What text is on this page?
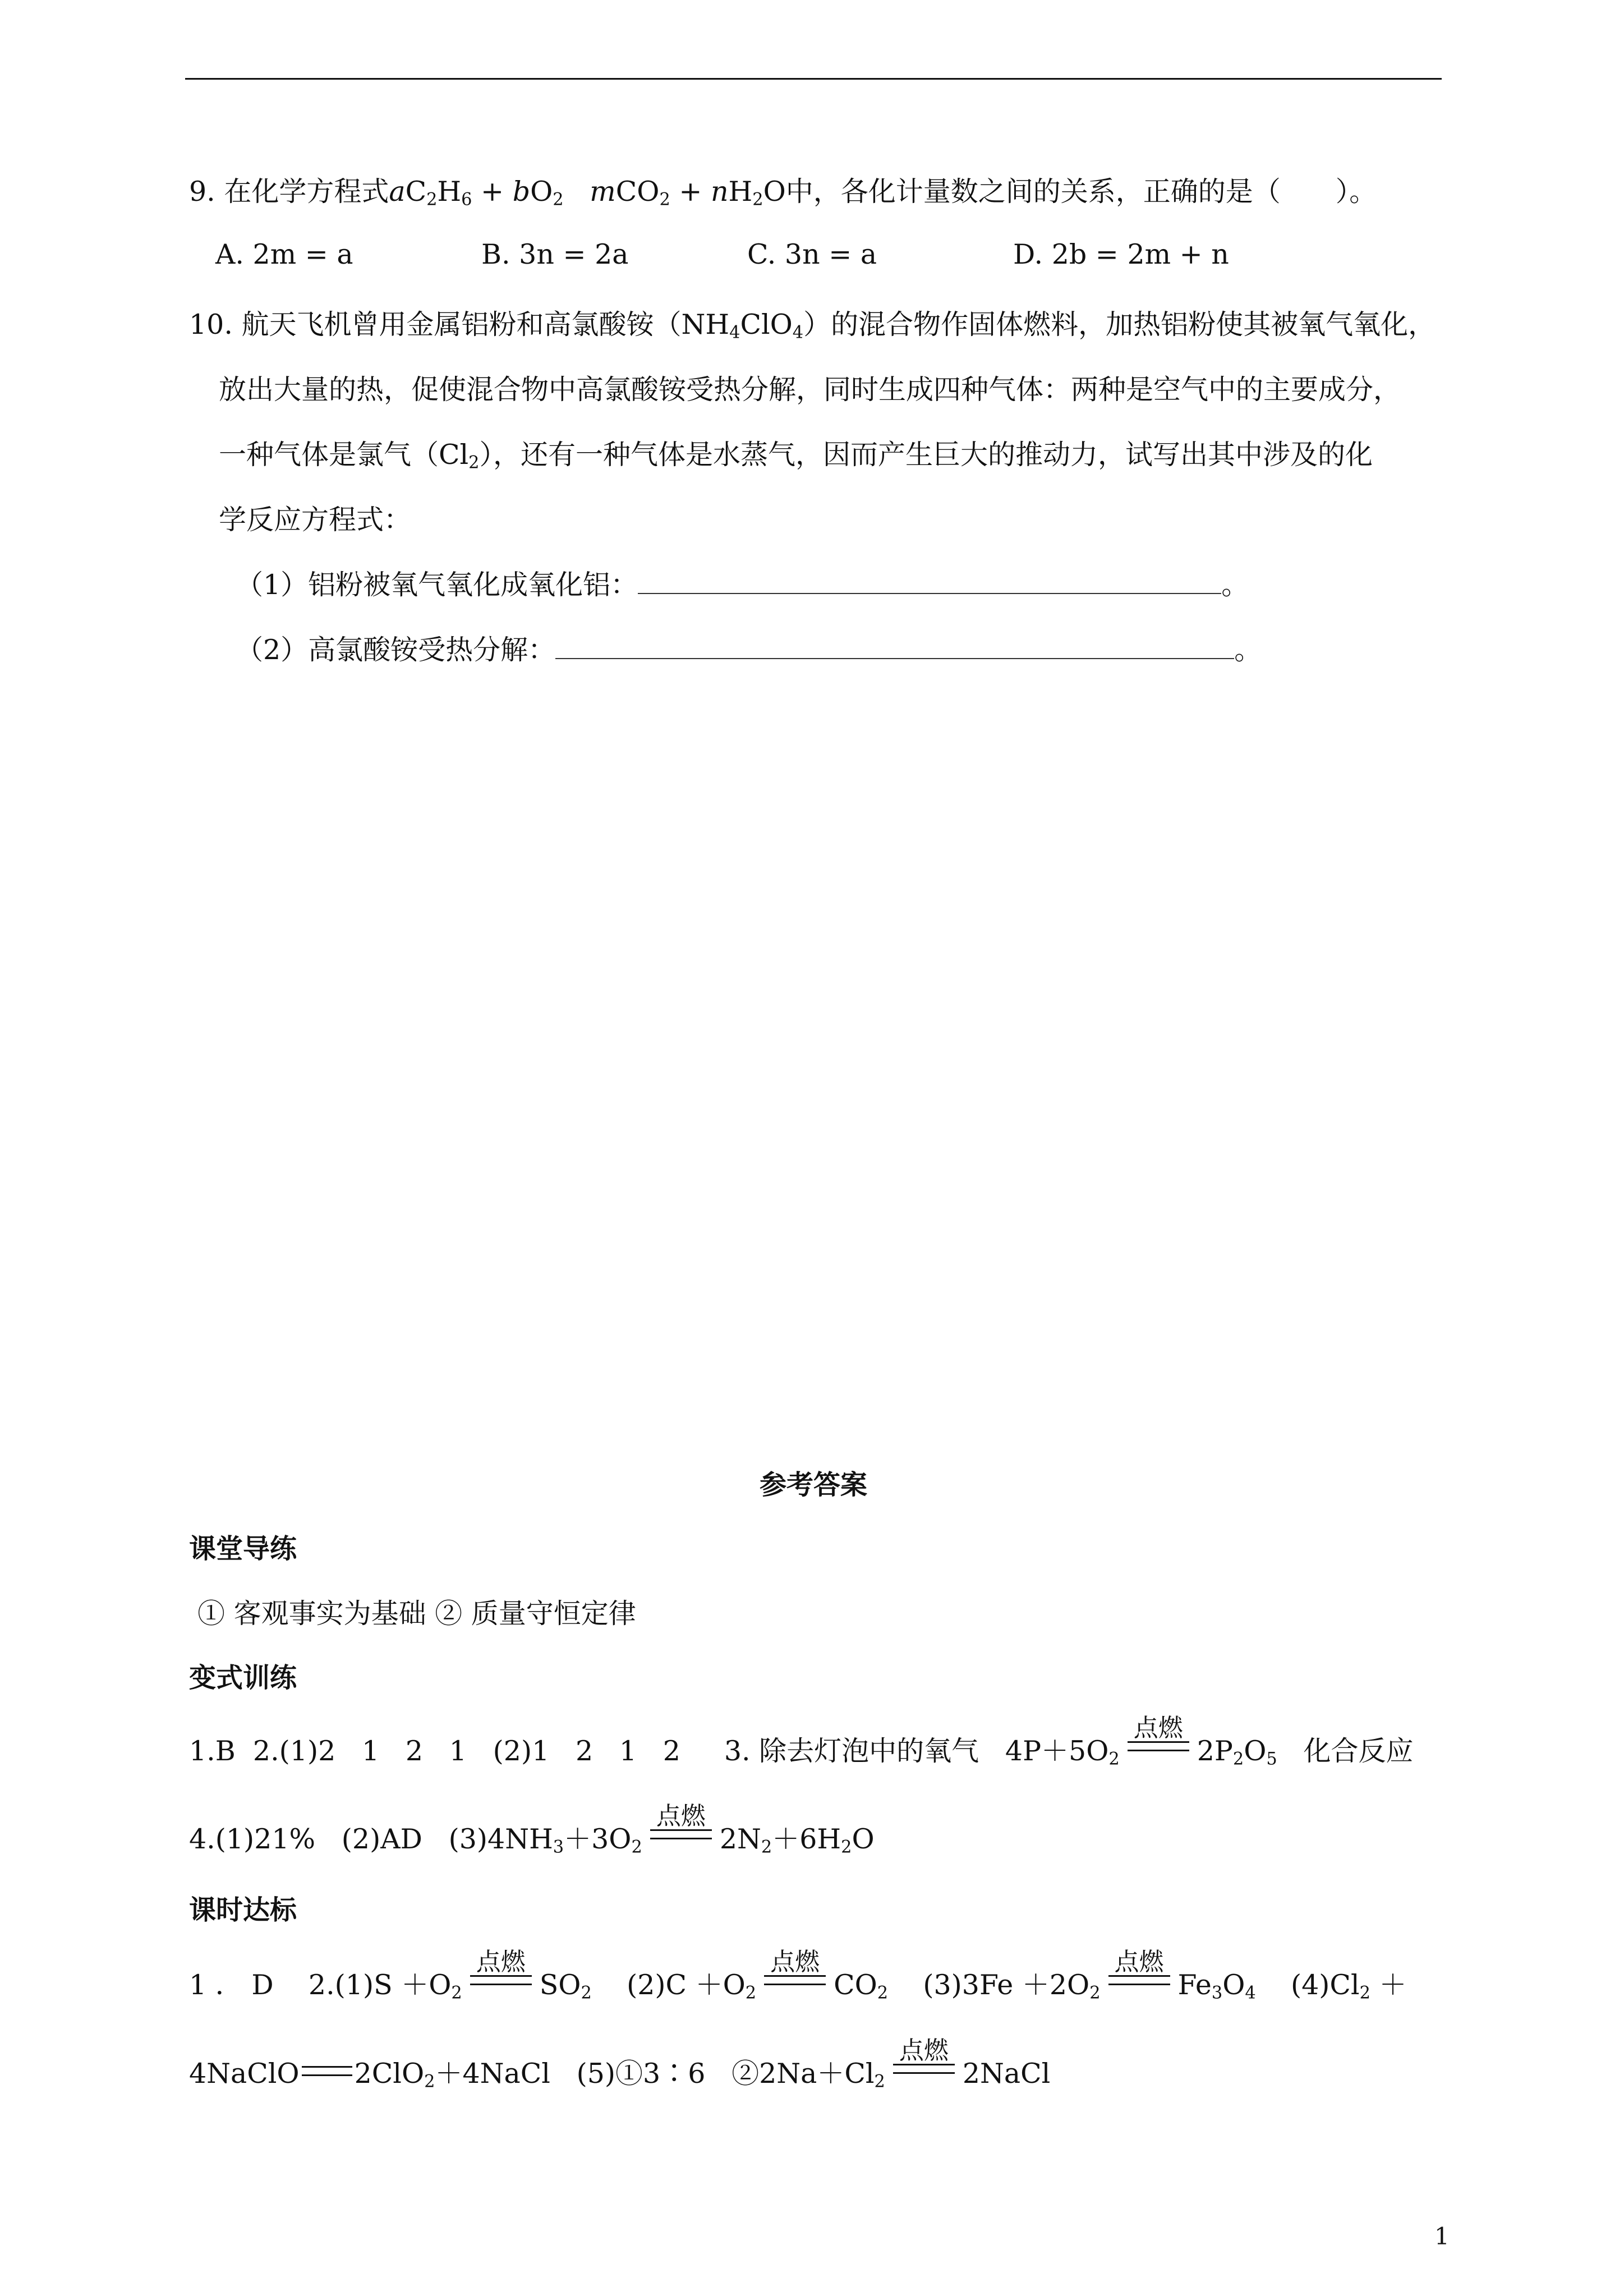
9. 在化学方程式$aC_2H_6 + bO_2$ $mCO_2 + nH_2O$中，各化计量数之间的关系，正确的是（　　）。
A. 2m = a	B. 3n = 2a	C. 3n = a	D. 2b = 2m + n
10. 航天飞机曾用金属铝粉和高氯酸铵$(NH_4ClO_4)$的混合物作固体燃料，加热铝粉使其被氧气氧化，
放出大量的热，促使混合物中高氯酸铵受热分解，同时生成四种气体：两种是空气中的主要成分，
一种气体是氯气$(Cl_2)$，还有一种气体是水蒸气，因而产生巨大的推动力，试写出其中涉及的化
学反应方程式：
（1）铝粉被氧气氧化成氧化铝：	。
（2）高氯酸铵受热分解：	。
参考答案
课堂导练
① 客观事实为基础 ② 质量守恒定律
变式训练
1.B  2.(1)2   1   2   1   (2)1   2   1   2     3. 除去灯泡中的氧气   $4P+5O_2$
点燃
$2P_2O_5$   化合反应
4.(1)21%   (2)AD   $(3)4NH_3+3O_2$
点燃
$2N_2+6H_2O$
课时达标
1 ． D    $2.(1)S +O_2$
点燃
$SO_2$    $(2)C +O_2$
点燃
$CO_2$    $(3)3Fe +2O_2$
点燃
$Fe_3O_4$    $(4)Cl_2$ ＋
4NaClO 2ClO$_2$＋4NaCl   (5)①3∶6   $②2Na+Cl_2$
点燃
2NaCl
1
